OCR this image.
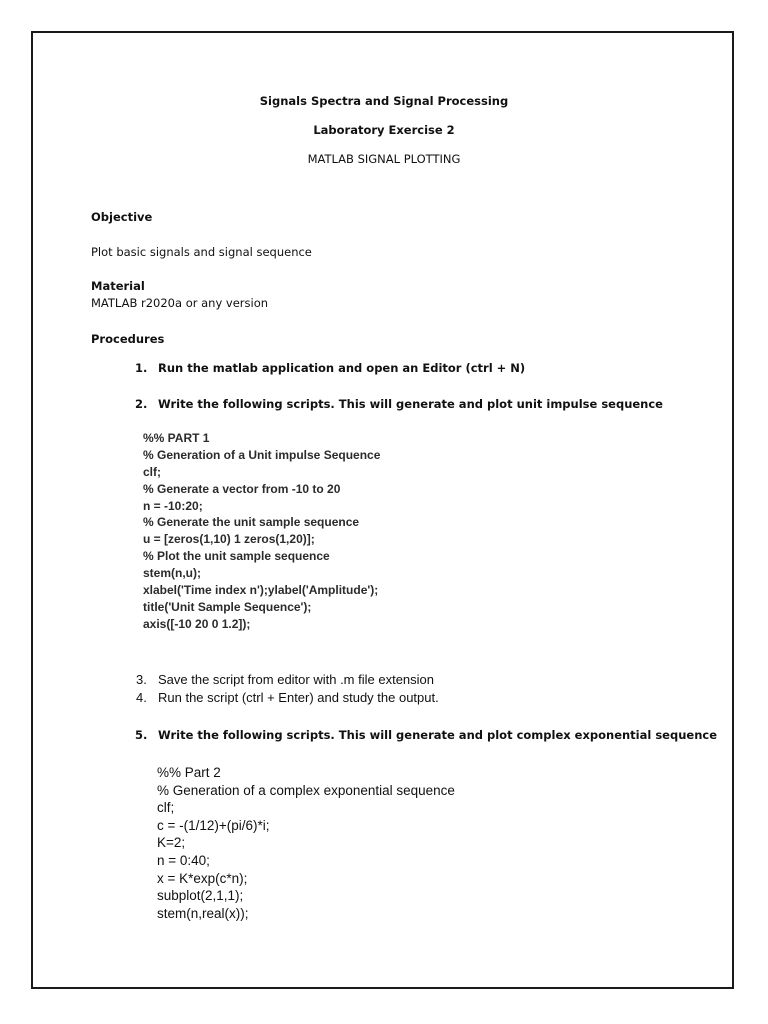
Signals Spectra and Signal Processing
Laboratory Exercise 2
MATLAB SIGNAL PLOTTING
Objective
Plot basic signals and signal sequence
Material
MATLAB r2020a or any version
Procedures
1. Run the matlab application and open an Editor (ctrl + N)
2. Write the following scripts. This will generate and plot unit impulse sequence
%% PART 1
% Generation of a Unit impulse Sequence
clf;
% Generate a vector from -10 to 20
n = -10:20;
% Generate the unit sample sequence
u = [zeros(1,10) 1 zeros(1,20)];
% Plot the unit sample sequence
stem(n,u);
xlabel('Time index n');ylabel('Amplitude');
title('Unit Sample Sequence');
axis([-10 20 0 1.2]);
3. Save the script from editor with .m file extension
4. Run the script (ctrl + Enter) and study the output.
5. Write the following scripts. This will generate and plot complex exponential sequence
%% Part 2
% Generation of a complex exponential sequence
clf;
c = -(1/12)+(pi/6)*i;
K=2;
n = 0:40;
x = K*exp(c*n);
subplot(2,1,1);
stem(n,real(x));
